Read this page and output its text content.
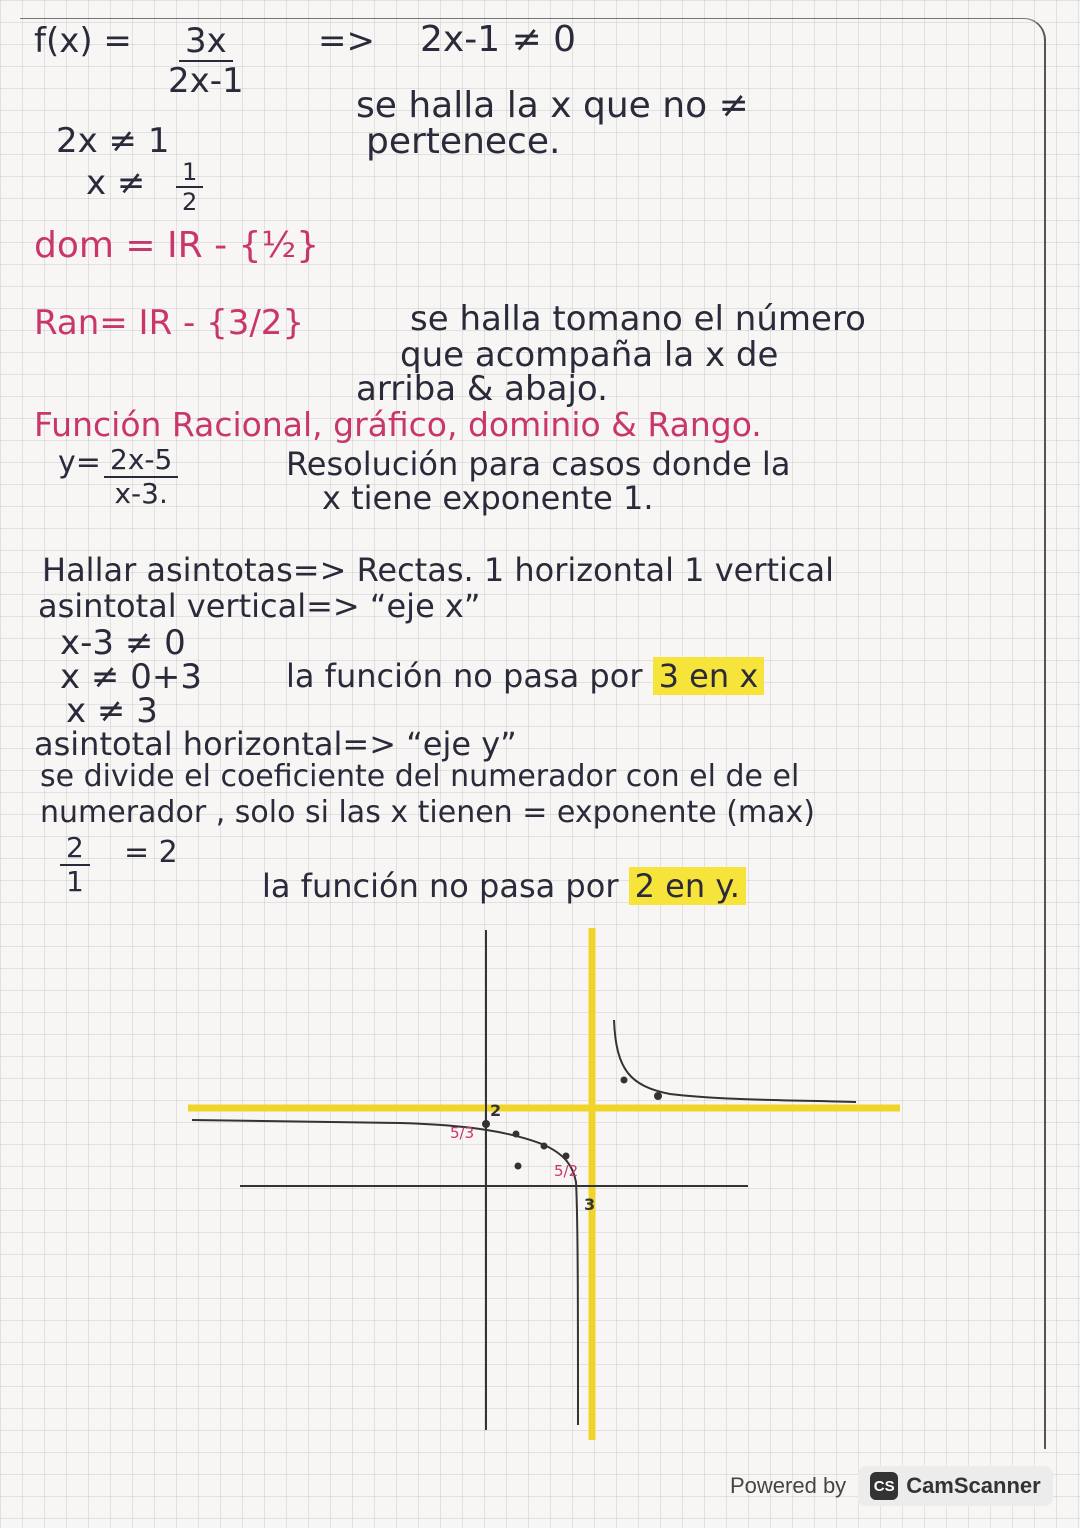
$f(x) = \frac{3x}{2x-1} => 2x-1 \ne 0$
se halla la x que no ≠
pertenece.
2x ≠ 1
$x \ne \frac{1}{2}$
dom = IR - {½}
Ran= IR - {3/2}	se halla tomano el número
que acompaña la x de
arriba & abajo.
Función Racional, gráfico, dominio & Rango.
$y= \frac{2x-5}{x-3.}$	Resolución para casos donde la
x tiene exponente 1.
Hallar asintotas=> Rectas. 1 horizontal 1 vertical
asintotal vertical=> “eje x”
x-3 ≠ 0
x ≠ 0+3
x ≠ 3
la función no pasa por 3 en x
asintotal horizontal=> “eje y”
se divide el coeficiente del numerador con el de el
numerador , solo si las x tienen = exponente (max)
$\frac{2}{1} = 2$
la función no pasa por 2 en y.
5/3
2
5/2
3
Powered by CS CamScanner
